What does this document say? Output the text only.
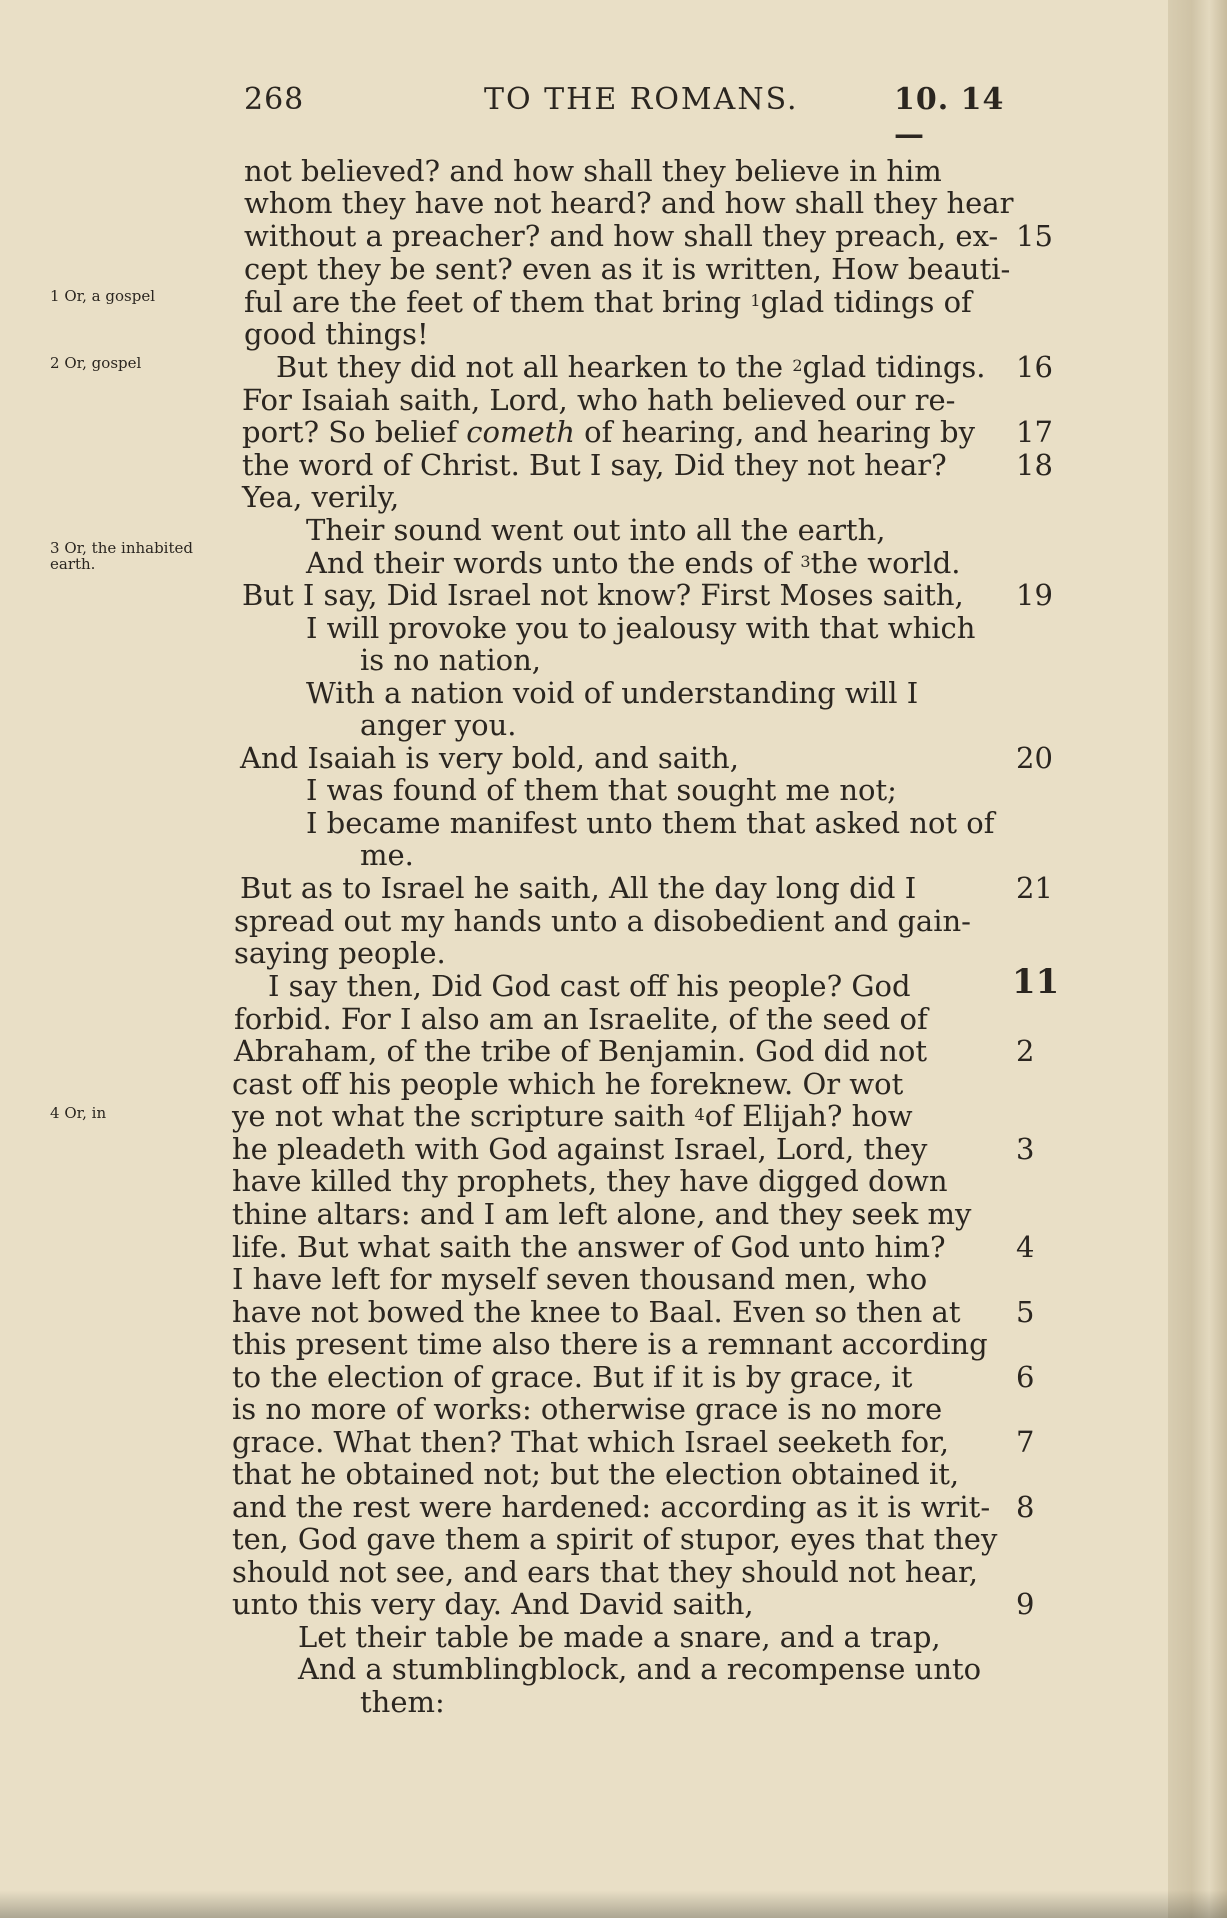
268	TO THE ROMANS.	10. 14—
1 Or, a gospel
2 Or, gospel
3 Or, the inhabited earth.
4 Or, in
not believed? and how shall they believe in him
whom they have not heard? and how shall they hear
without a preacher? and how shall they preach, ex- 15
cept they be sent? even as it is written, How beauti-
ful are the feet of them that bring $^1$glad tidings of
good things!
But they did not all hearken to the $^2$glad tidings. 16
For Isaiah saith, Lord, who hath believed our re-
port? So belief cometh of hearing, and hearing by 17
the word of Christ. But I say, Did they not hear? 18
Yea, verily,
Their sound went out into all the earth,
And their words unto the ends of $^3$the world.
But I say, Did Israel not know? First Moses saith, 19
I will provoke you to jealousy with that which
is no nation,
With a nation void of understanding will I
anger you.
And Isaiah is very bold, and saith,	20
I was found of them that sought me not;
I became manifest unto them that asked not of
me.
But as to Israel he saith, All the day long did I	21
spread out my hands unto a disobedient and gain-
saying people.
I say then, Did God cast off his people? God	11
forbid. For I also am an Israelite, of the seed of
Abraham, of the tribe of Benjamin. God did not	2
cast off his people which he foreknew. Or wot
ye not what the scripture saith $^4$of Elijah? how
he pleadeth with God against Israel, Lord, they	3
have killed thy prophets, they have digged down
thine altars: and I am left alone, and they seek my
life. But what saith the answer of God unto him? 4
I have left for myself seven thousand men, who
have not bowed the knee to Baal. Even so then at 5
this present time also there is a remnant according
to the election of grace. But if it is by grace, it	6
is no more of works: otherwise grace is no more
grace. What then? That which Israel seeketh for, 7
that he obtained not; but the election obtained it,
and the rest were hardened: according as it is writ- 8
ten, God gave them a spirit of stupor, eyes that they
should not see, and ears that they should not hear,
unto this very day. And David saith,	9
Let their table be made a snare, and a trap,
And a stumblingblock, and a recompense unto
them:
